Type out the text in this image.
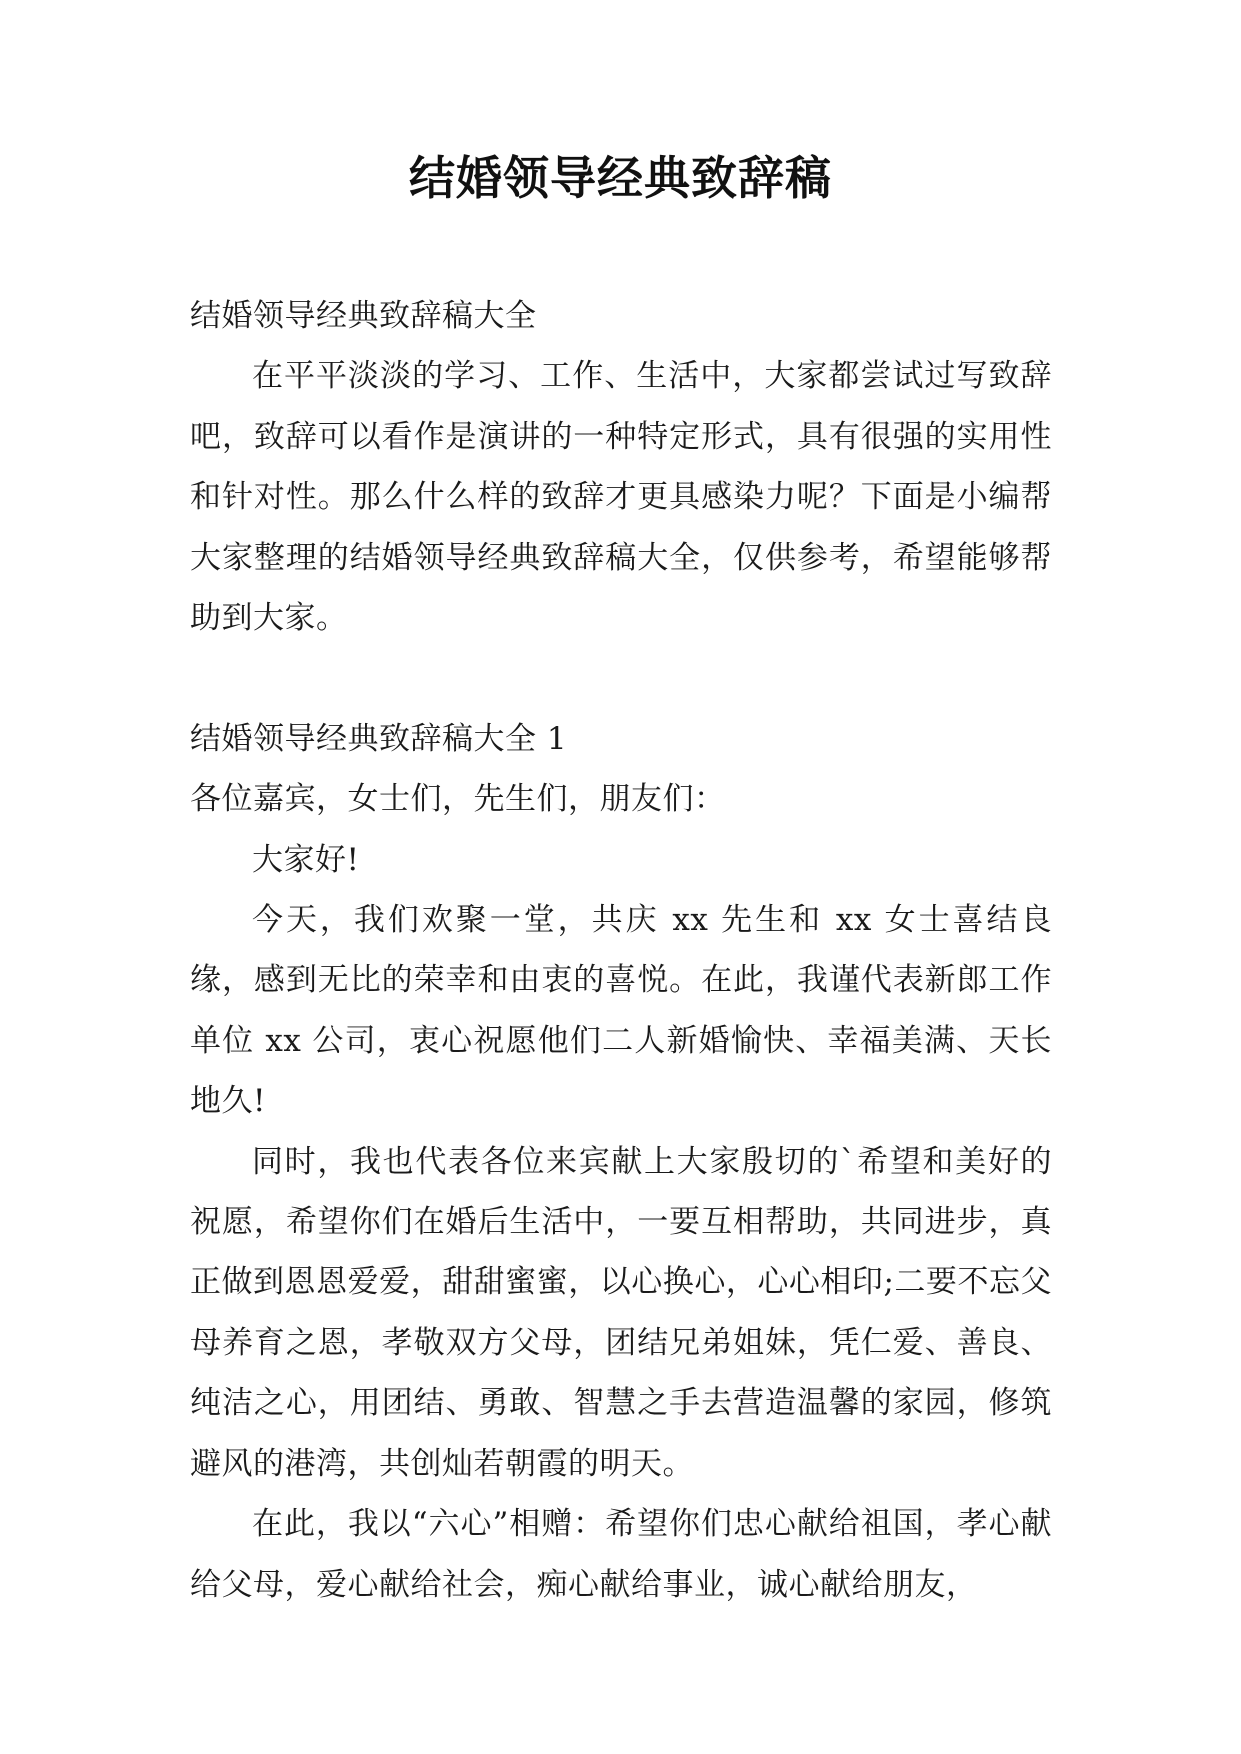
结婚领导经典致辞稿

结婚领导经典致辞稿大全

在平平淡淡的学习、工作、生活中，大家都尝试过写致辞吧，致辞可以看作是演讲的一种特定形式，具有很强的实用性和针对性。那么什么样的致辞才更具感染力呢？下面是小编帮大家整理的结婚领导经典致辞稿大全，仅供参考，希望能够帮助到大家。

结婚领导经典致辞稿大全 1

各位嘉宾，女士们，先生们，朋友们：

大家好!

今天，我们欢聚一堂，共庆 xx 先生和 xx 女士喜结良缘，感到无比的荣幸和由衷的喜悦。在此，我谨代表新郎工作单位 xx 公司，衷心祝愿他们二人新婚愉快、幸福美满、天长地久!

同时，我也代表各位来宾献上大家殷切的`希望和美好的祝愿，希望你们在婚后生活中，一要互相帮助，共同进步，真正做到恩恩爱爱，甜甜蜜蜜，以心换心，心心相印;二要不忘父母养育之恩，孝敬双方父母，团结兄弟姐妹，凭仁爱、善良、纯洁之心，用团结、勇敢、智慧之手去营造温馨的家园，修筑避风的港湾，共创灿若朝霞的明天。

在此，我以“六心”相赠：希望你们忠心献给祖国，孝心献给父母，爱心献给社会，痴心献给事业，诚心献给朋友，
